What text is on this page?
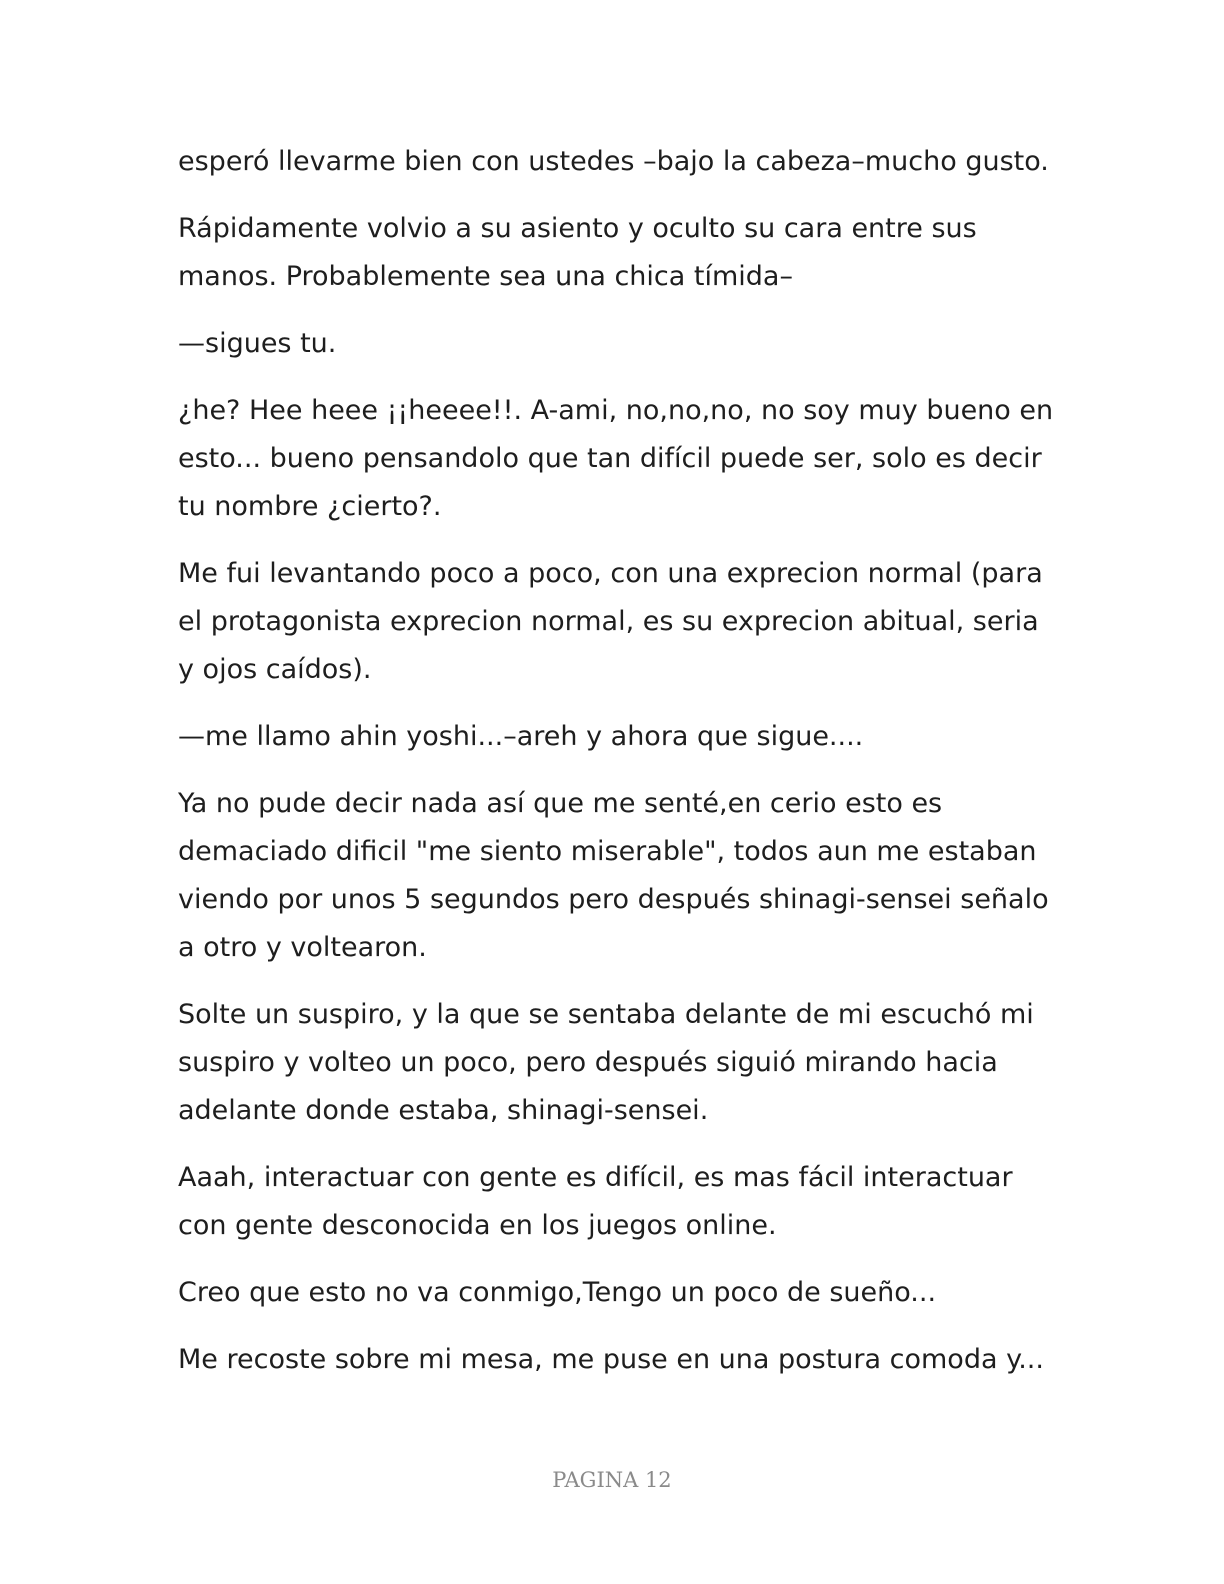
esperó llevarme bien con ustedes –bajo la cabeza–mucho gusto.

Rápidamente volvio a su asiento y oculto su cara entre sus manos. Probablemente sea una chica tímida–

—sigues tu.

¿he? Hee heee ¡¡heeee!!. A-ami, no,no,no, no soy muy bueno en esto... bueno pensandolo que tan difícil puede ser, solo es decir tu nombre ¿cierto?.

Me fui levantando poco a poco, con una exprecion normal (para el protagonista exprecion normal, es su exprecion abitual, seria y ojos caídos).

—me llamo ahin yoshi...–areh y ahora que sigue....

Ya no pude decir nada así que me senté,en cerio esto es demaciado dificil "me siento miserable", todos aun me estaban viendo por unos 5 segundos pero después shinagi-sensei señalo a otro y voltearon.

Solte un suspiro, y la que se sentaba delante de mi escuchó mi suspiro y volteo un poco, pero después siguió mirando hacia adelante donde estaba, shinagi-sensei.

Aaah, interactuar con gente es difícil, es mas fácil interactuar con gente desconocida en los juegos online.

Creo que esto no va conmigo,Tengo un poco de sueño...

Me recoste sobre mi mesa, me puse en una postura comoda y...

PAGINA 12
